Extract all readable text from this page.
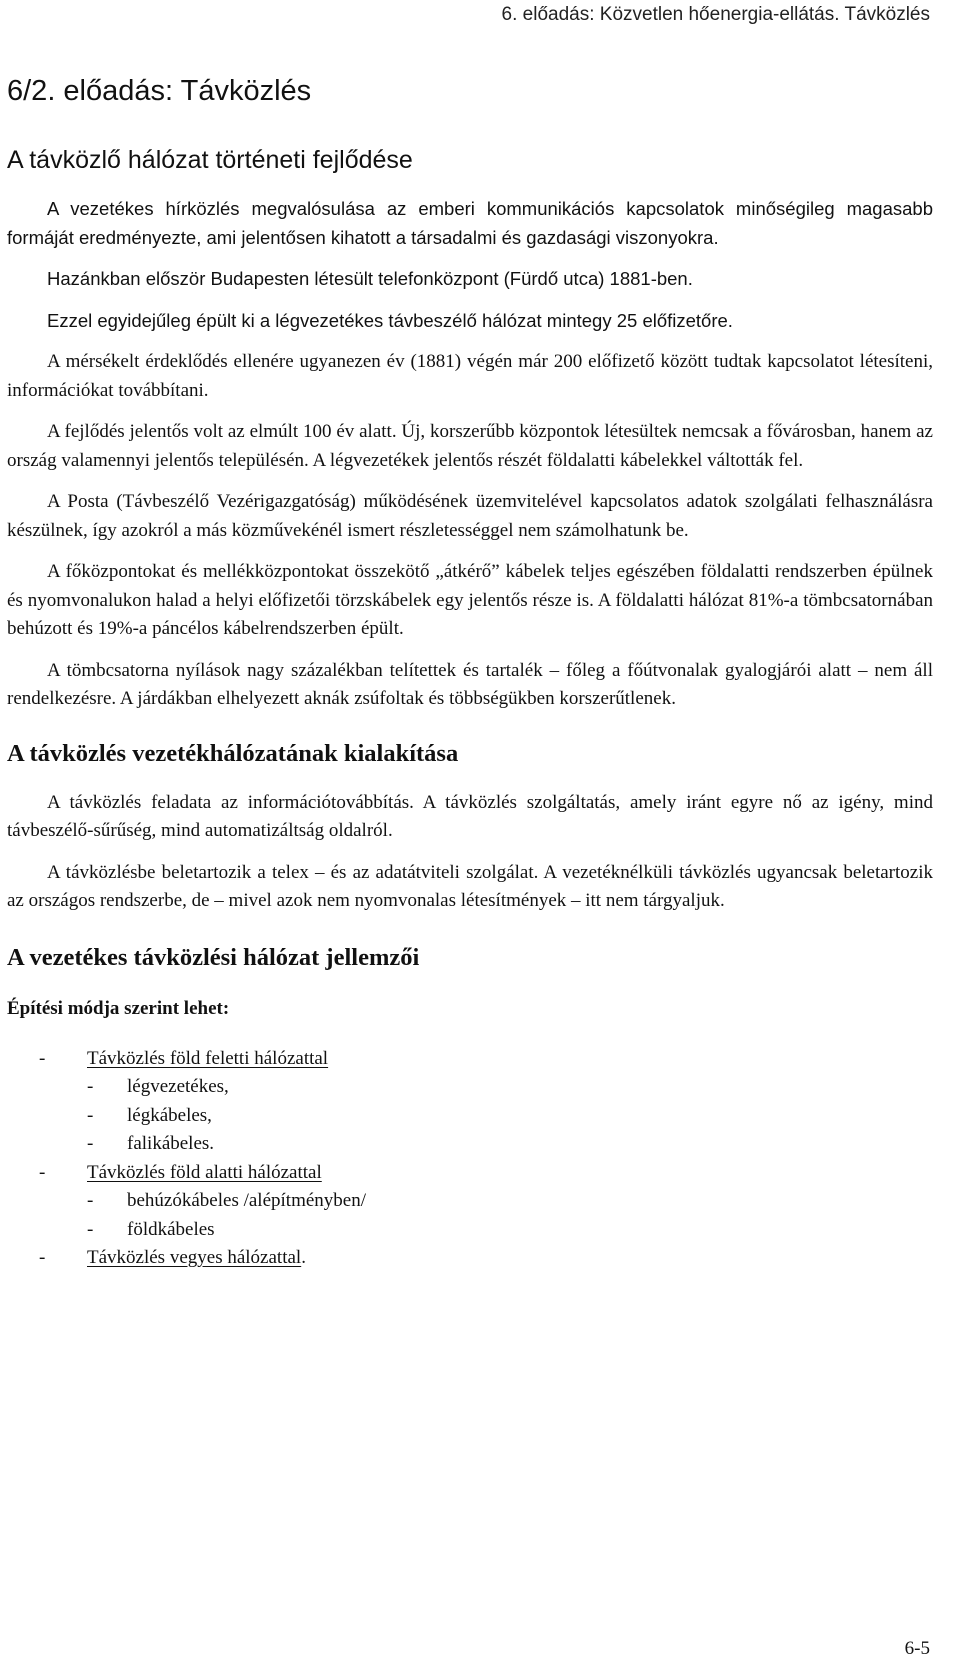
6. előadás: Közvetlen hőenergia-ellátás. Távközlés
6/2. előadás: Távközlés
A távközlő hálózat történeti fejlődése

A vezetékes hírközlés megvalósulása az emberi kommunikációs kapcsolatok minőségileg magasabb formáját eredményezte, ami jelentősen kihatott a társadalmi és gazdasági viszonyokra.

Hazánkban először Budapesten létesült telefonközpont (Fürdő utca) 1881-ben.

Ezzel egyidejűleg épült ki a légvezetékes távbeszélő hálózat mintegy 25 előfizetőre.

A mérsékelt érdeklődés ellenére ugyanezen év (1881) végén már 200 előfizető között tudtak kapcsolatot létesíteni, információkat továbbítani.

A fejlődés jelentős volt az elmúlt 100 év alatt. Új, korszerűbb központok létesültek nemcsak a fővárosban, hanem az ország valamennyi jelentős településén. A légvezetékek jelentős részét földalatti kábelekkel váltották fel.

A Posta (Távbeszélő Vezérigazgatóság) működésének üzemvitelével kapcsolatos adatok szolgálati felhasználásra készülnek, így azokról a más közművekénél ismert részletességgel nem számolhatunk be.

A főközpontokat és mellékközpontokat összekötő „átkérő” kábelek teljes egészében földalatti rendszerben épülnek és nyomvonalukon halad a helyi előfizetői törzskábelek egy jelentős része is. A földalatti hálózat 81%-a tömbcsatornában behúzott és 19%-a páncélos kábelrendszerben épült.

A tömbcsatorna nyílások nagy százalékban telítettek és tartalék – főleg a főútvonalak gyalogjárói alatt – nem áll rendelkezésre. A járdákban elhelyezett aknák zsúfoltak és többségükben korszerűtlenek.

A távközlés vezetékhálózatának kialakítása

A távközlés feladata az információtovábbítás. A távközlés szolgáltatás, amely iránt egyre nő az igény, mind távbeszélő-sűrűség, mind automatizáltság oldalról.

A távközlésbe beletartozik a telex – és az adatátviteli szolgálat. A vezetéknélküli távközlés ugyancsak beletartozik az országos rendszerbe, de – mivel azok nem nyomvonalas létesítmények – itt nem tárgyaljuk.

A vezetékes távközlési hálózat jellemzői

Építési módja szerint lehet:

- Távközlés föld feletti hálózattal
- légvezetékes,
- légkábeles,
- falikábeles.
- Távközlés föld alatti hálózattal
- behúzókábeles /alépítményben/
- földkábeles
- Távközlés vegyes hálózattal.
6-5
